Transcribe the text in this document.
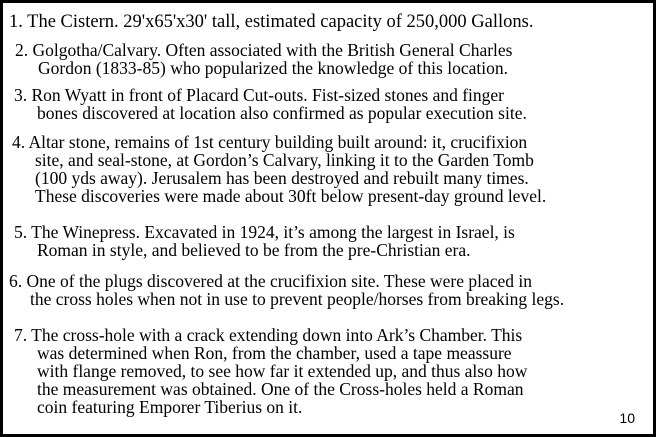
1. The Cistern. 29'x65'x30' tall, estimated capacity of 250,000 Gallons.
2. Golgotha/Calvary. Often associated with the British General Charles
Gordon (1833-85) who popularized the knowledge of this location.
3. Ron Wyatt in front of Placard Cut-outs. Fist-sized stones and finger
bones discovered at location also confirmed as popular execution site.
4. Altar stone, remains of 1st century building built around: it, crucifixion
site, and seal-stone, at Gordon’s Calvary, linking it to the Garden Tomb
(100 yds away). Jerusalem has been destroyed and rebuilt many times.
These discoveries were made about 30ft below present-day ground level.
5. The Winepress. Excavated in 1924, it’s among the largest in Israel, is
Roman in style, and believed to be from the pre-Christian era.
6. One of the plugs discovered at the crucifixion site. These were placed in
the cross holes when not in use to prevent people/horses from breaking legs.
7. The cross-hole with a crack extending down into Ark’s Chamber. This
was determined when Ron, from the chamber, used a tape meassure
with flange removed, to see how far it extended up, and thus also how
the measurement was obtained. One of the Cross-holes held a Roman
coin featuring Emporer Tiberius on it.
10
